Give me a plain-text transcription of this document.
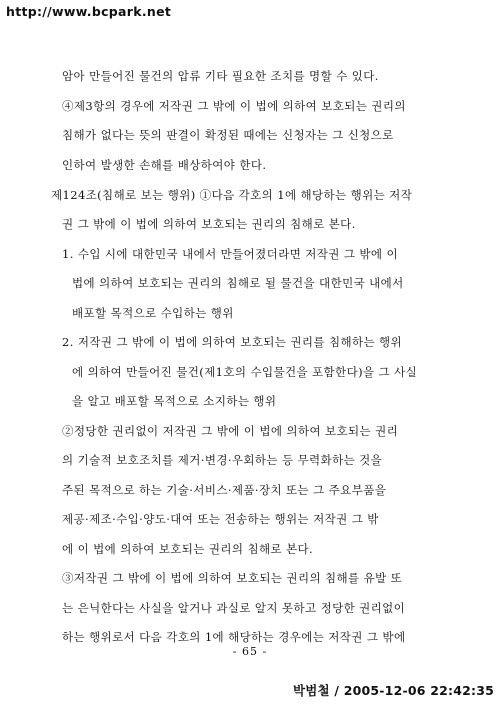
http://www.bcpark.net
암아 만들어진 물건의 압류 기타 필요한 조치를 명할 수 있다.
④제3항의 경우에 저작권 그 밖에 이 법에 의하여 보호되는 권리의
침해가 없다는 뜻의 판결이 확정된 때에는 신청자는 그 신청으로
인하여 발생한 손해를 배상하여야 한다.
제124조(침해로 보는 행위) ①다음 각호의 1에 해당하는 행위는 저작
권 그 밖에 이 법에 의하여 보호되는 권리의 침해로 본다.
1. 수입 시에 대한민국 내에서 만들어졌더라면 저작권 그 밖에 이
법에 의하여 보호되는 권리의 침해로 될 물건을 대한민국 내에서
배포할 목적으로 수입하는 행위
2. 저작권 그 밖에 이 법에 의하여 보호되는 권리를 침해하는 행위
에 의하여 만들어진 물건(제1호의 수입물건을 포함한다)을 그 사실
을 알고 배포할 목적으로 소지하는 행위
②정당한 권리없이 저작권 그 밖에 이 법에 의하여 보호되는 권리
의 기술적 보호조치를 제거·변경·우회하는 등 무력화하는 것을
주된 목적으로 하는 기술·서비스·제품·장치 또는 그 주요부품을
제공·제조·수입·양도·대여 또는 전송하는 행위는 저작권 그 밖
에 이 법에 의하여 보호되는 권리의 침해로 본다.
③저작권 그 밖에 이 법에 의하여 보호되는 권리의 침해를 유발 또
는 은닉한다는 사실을 알거나 과실로 알지 못하고 정당한 권리없이
하는 행위로서 다음 각호의 1에 해당하는 경우에는 저작권 그 밖에
- 65 -
박범철 / 2005-12-06 22:42:35
